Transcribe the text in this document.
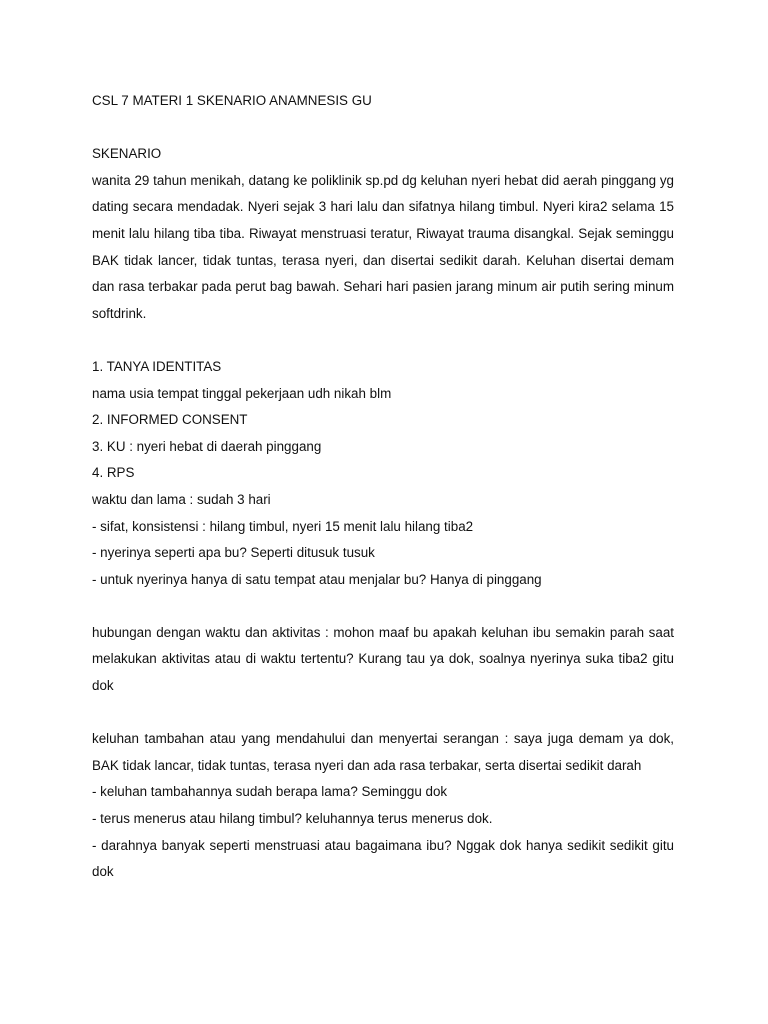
CSL 7 MATERI 1 SKENARIO ANAMNESIS GU

SKENARIO

wanita 29 tahun menikah, datang ke poliklinik sp.pd dg keluhan nyeri hebat did aerah pinggang yg dating secara mendadak. Nyeri sejak 3 hari lalu dan sifatnya hilang timbul. Nyeri kira2 selama 15 menit lalu hilang tiba tiba. Riwayat menstruasi teratur, Riwayat trauma disangkal. Sejak seminggu BAK tidak lancer, tidak tuntas, terasa nyeri, dan disertai sedikit darah. Keluhan disertai demam dan rasa terbakar pada perut bag bawah. Sehari hari pasien jarang minum air putih sering minum softdrink.

1. TANYA IDENTITAS

nama usia tempat tinggal pekerjaan udh nikah blm

2. INFORMED CONSENT

3. KU : nyeri hebat di daerah pinggang

4. RPS

waktu dan lama : sudah 3 hari

- sifat, konsistensi : hilang timbul, nyeri 15 menit lalu hilang tiba2

- nyerinya seperti apa bu? Seperti ditusuk tusuk

- untuk nyerinya hanya di satu tempat atau menjalar bu? Hanya di pinggang

hubungan dengan waktu dan aktivitas : mohon maaf bu apakah keluhan ibu semakin parah saat melakukan aktivitas atau di waktu tertentu? Kurang tau ya dok, soalnya nyerinya suka tiba2 gitu dok

keluhan tambahan atau yang mendahului dan menyertai serangan : saya juga demam ya dok, BAK tidak lancar, tidak tuntas, terasa nyeri dan ada rasa terbakar, serta disertai sedikit darah

- keluhan tambahannya sudah berapa lama? Seminggu dok

- terus menerus atau hilang timbul? keluhannya terus menerus dok.

- darahnya banyak seperti menstruasi atau bagaimana ibu? Nggak dok hanya sedikit sedikit gitu dok
